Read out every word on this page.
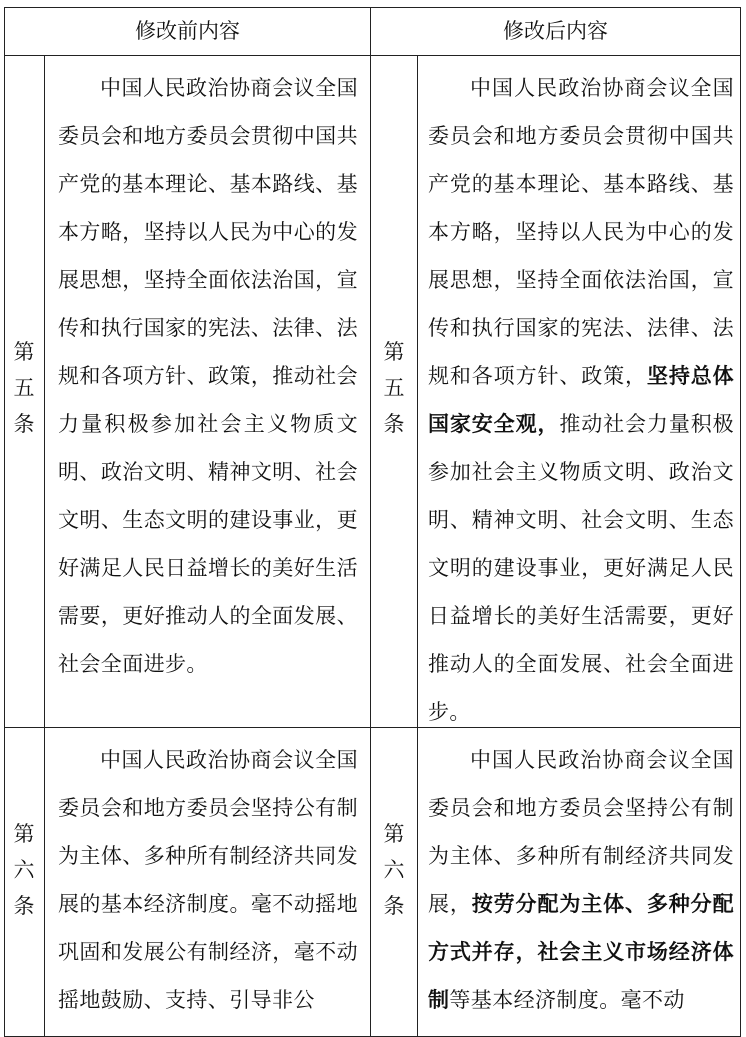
修改前内容	修改后内容
第
五
条

中国人民政治协商会议全国委员会和地方委员会贯彻中国共产党的基本理论、基本路线、基本方略，坚持以人民为中心的发展思想，坚持全面依法治国，宣传和执行国家的宪法、法律、法规和各项方针、政策，推动社会力量积极参加社会主义物质文明、政治文明、精神文明、社会文明、生态文明的建设事业，更好满足人民日益增长的美好生活需要，更好推动人的全面发展、社会全面进步。

第
五
条

中国人民政治协商会议全国委员会和地方委员会贯彻中国共产党的基本理论、基本路线、基本方略，坚持以人民为中心的发展思想，坚持全面依法治国，宣传和执行国家的宪法、法律、法规和各项方针、政策，坚持总体国家安全观，推动社会力量积极参加社会主义物质文明、政治文明、精神文明、社会文明、生态文明的建设事业，更好满足人民日益增长的美好生活需要，更好推动人的全面发展、社会全面进步。

第
六
条

中国人民政治协商会议全国委员会和地方委员会坚持公有制为主体、多种所有制经济共同发展的基本经济制度。毫不动摇地巩固和发展公有制经济，毫不动摇地鼓励、支持、引导非公

第
六
条

中国人民政治协商会议全国委员会和地方委员会坚持公有制为主体、多种所有制经济共同发展，按劳分配为主体、多种分配方式并存，社会主义市场经济体制等基本经济制度。毫不动
